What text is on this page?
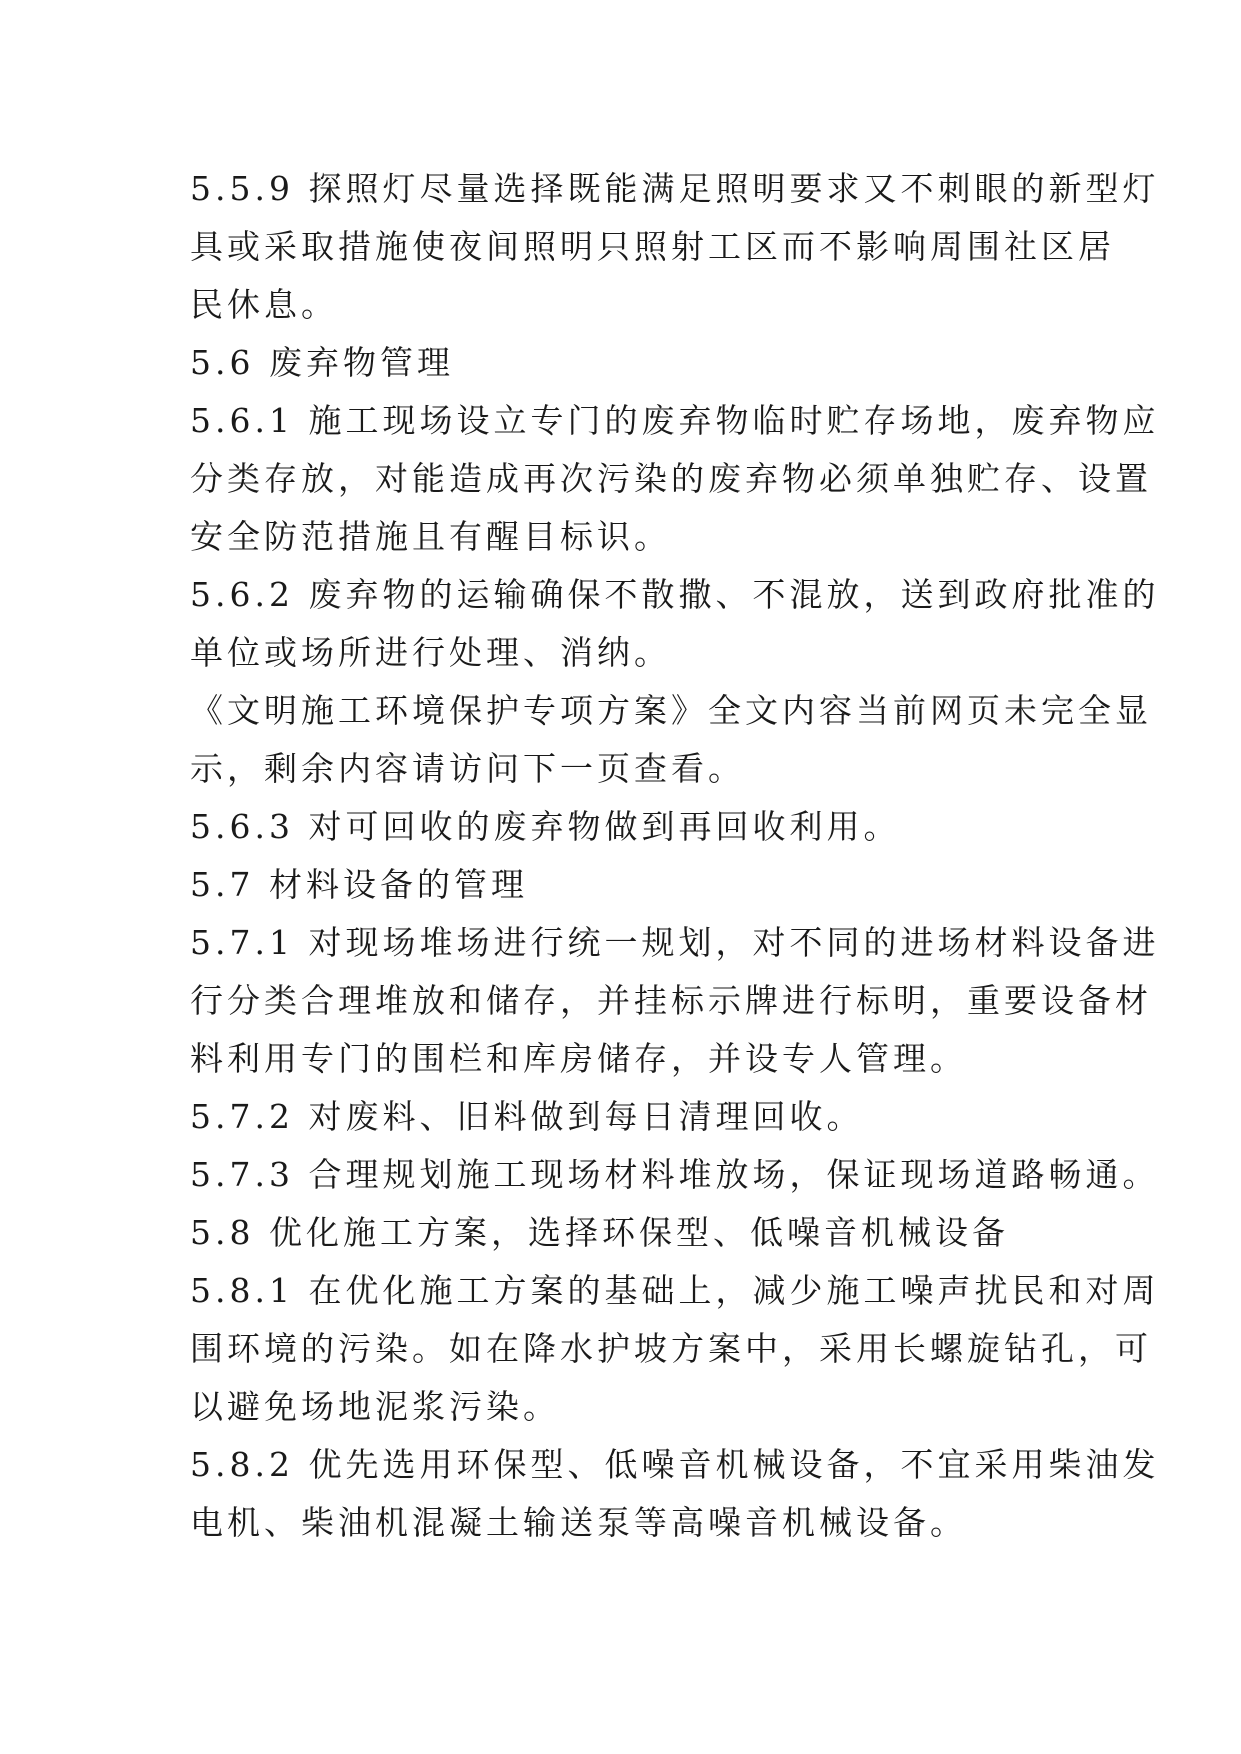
5.5.9 探照灯尽量选择既能满足照明要求又不刺眼的新型灯
具或采取措施使夜间照明只照射工区而不影响周围社区居
民休息。
5.6 废弃物管理
5.6.1 施工现场设立专门的废弃物临时贮存场地，废弃物应
分类存放，对能造成再次污染的废弃物必须单独贮存、设置
安全防范措施且有醒目标识。
5.6.2 废弃物的运输确保不散撒、不混放，送到政府批准的
单位或场所进行处理、消纳。
《文明施工环境保护专项方案》全文内容当前网页未完全显
示，剩余内容请访问下一页查看。
5.6.3 对可回收的废弃物做到再回收利用。
5.7 材料设备的管理
5.7.1 对现场堆场进行统一规划，对不同的进场材料设备进
行分类合理堆放和储存，并挂标示牌进行标明，重要设备材
料利用专门的围栏和库房储存，并设专人管理。
5.7.2 对废料、旧料做到每日清理回收。
5.7.3 合理规划施工现场材料堆放场，保证现场道路畅通。
5.8 优化施工方案，选择环保型、低噪音机械设备
5.8.1 在优化施工方案的基础上，减少施工噪声扰民和对周
围环境的污染。如在降水护坡方案中，采用长螺旋钻孔，可
以避免场地泥浆污染。
5.8.2 优先选用环保型、低噪音机械设备，不宜采用柴油发
电机、柴油机混凝土输送泵等高噪音机械设备。
